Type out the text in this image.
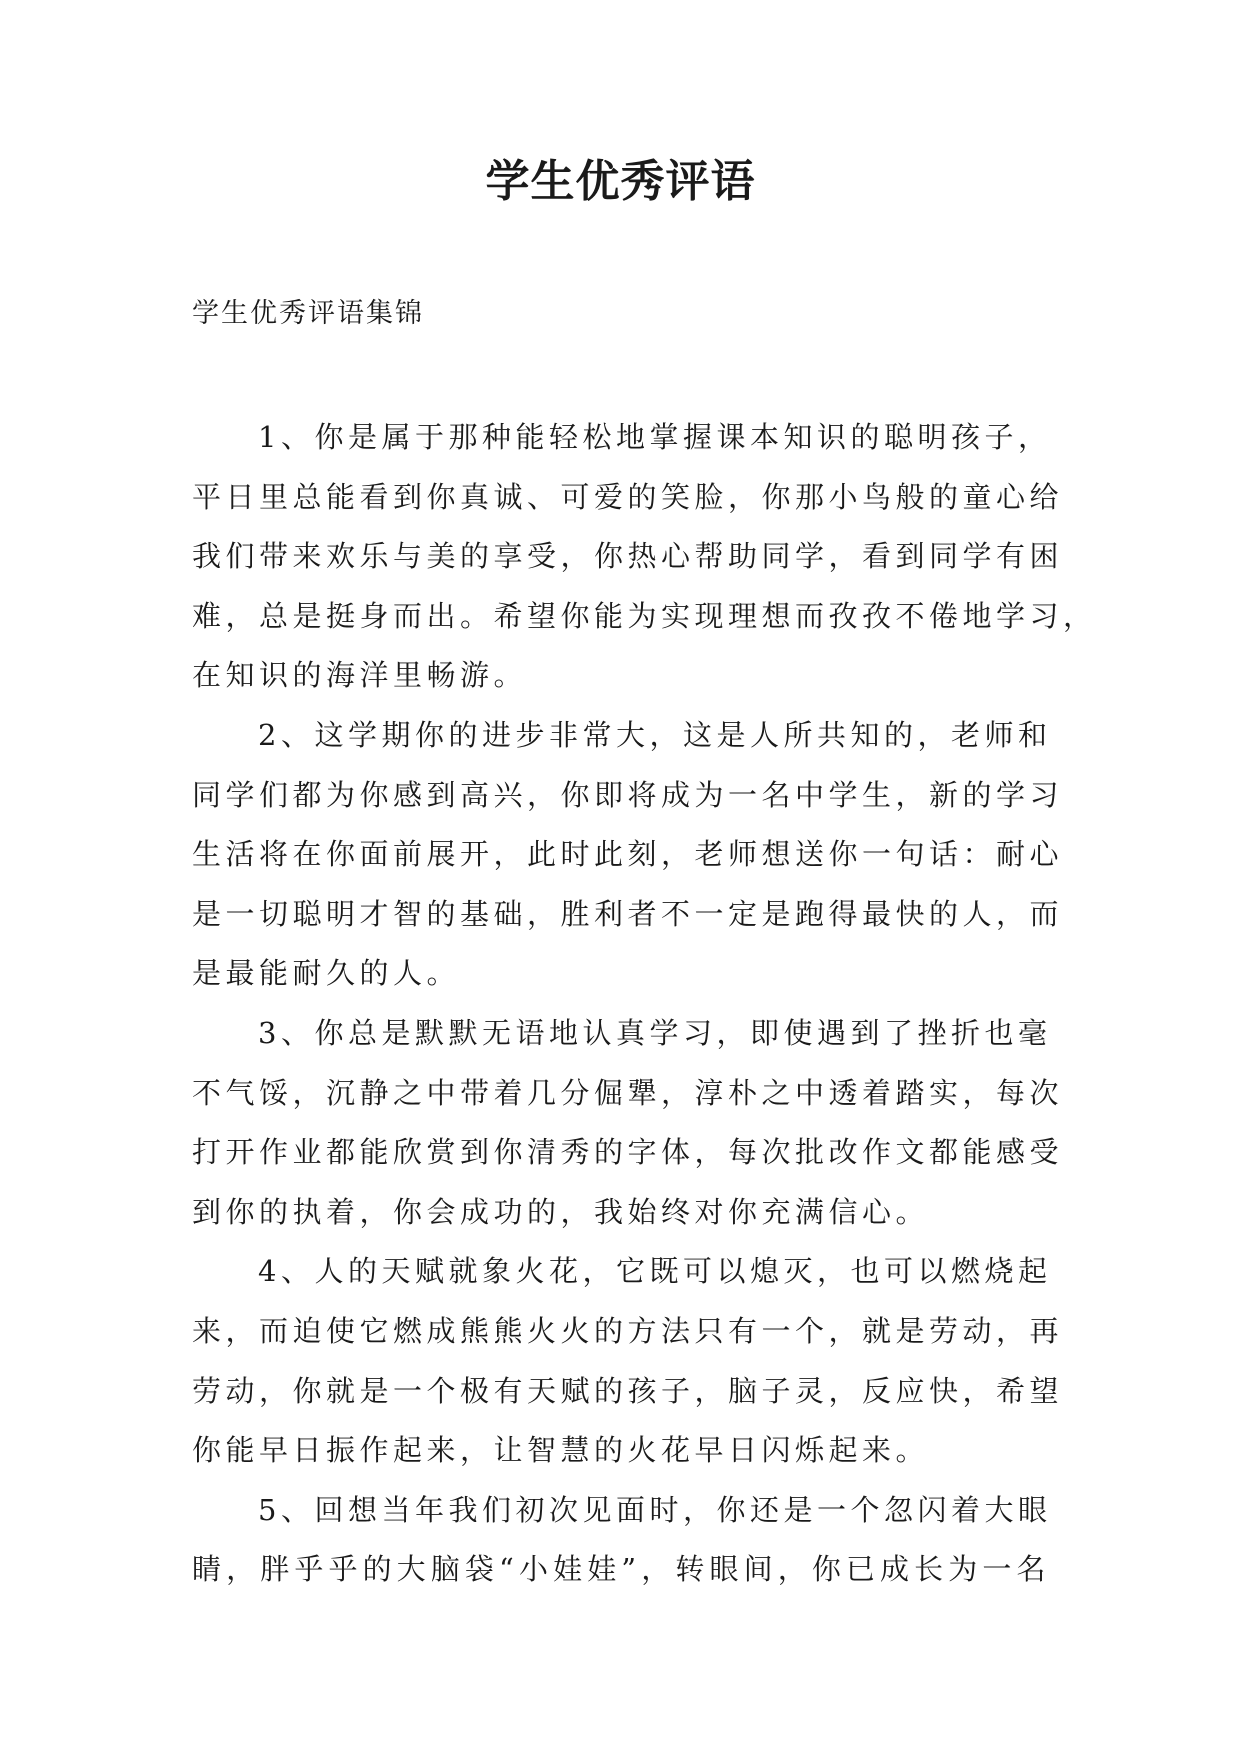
学生优秀评语

学生优秀评语集锦

1、你是属于那种能轻松地掌握课本知识的聪明孩子，
平日里总能看到你真诚、可爱的笑脸，你那小鸟般的童心给
我们带来欢乐与美的享受，你热心帮助同学，看到同学有困
难，总是挺身而出。希望你能为实现理想而孜孜不倦地学习，
在知识的海洋里畅游。
2、这学期你的进步非常大，这是人所共知的，老师和
同学们都为你感到高兴，你即将成为一名中学生，新的学习
生活将在你面前展开，此时此刻，老师想送你一句话：耐心
是一切聪明才智的基础，胜利者不一定是跑得最快的人，而
是最能耐久的人。
3、你总是默默无语地认真学习，即使遇到了挫折也毫
不气馁，沉静之中带着几分倔犟，淳朴之中透着踏实，每次
打开作业都能欣赏到你清秀的字体，每次批改作文都能感受
到你的执着，你会成功的，我始终对你充满信心。
4、人的天赋就象火花，它既可以熄灭，也可以燃烧起
来，而迫使它燃成熊熊火火的方法只有一个，就是劳动，再
劳动，你就是一个极有天赋的孩子，脑子灵，反应快，希望
你能早日振作起来，让智慧的火花早日闪烁起来。
5、回想当年我们初次见面时，你还是一个忽闪着大眼
睛，胖乎乎的大脑袋“小娃娃”，转眼间，你已成长为一名
